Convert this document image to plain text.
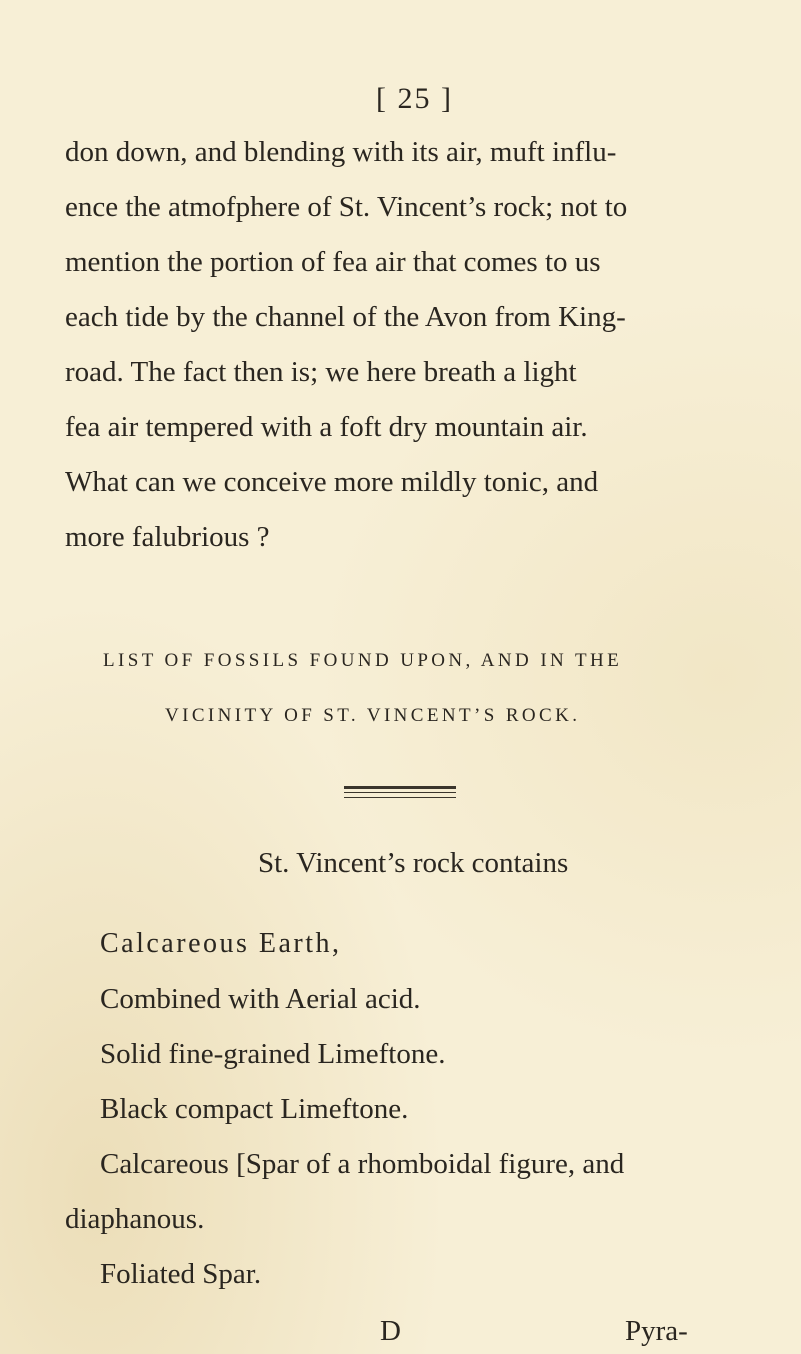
[ 25 ]
don down, and blending with its air, muft influ-
ence the atmofphere of St. Vincent’s rock; not to
mention the portion of fea air that comes to us
each tide by the channel of the Avon from King-
road. The fact then is; we here breath a light
fea air tempered with a foft dry mountain air.
What can we conceive more mildly tonic, and
more falubrious ?
LIST OF FOSSILS FOUND UPON, AND IN THE
VICINITY OF ST. VINCENT’S ROCK.
St. Vincent’s rock contains
Calcareous Earth,
Combined with Aerial acid.
Solid fine-grained Limeftone.
Black compact Limeftone.
Calcareous [Spar of a rhomboidal figure, and
diaphanous.
Foliated Spar.
D	Pyra-
